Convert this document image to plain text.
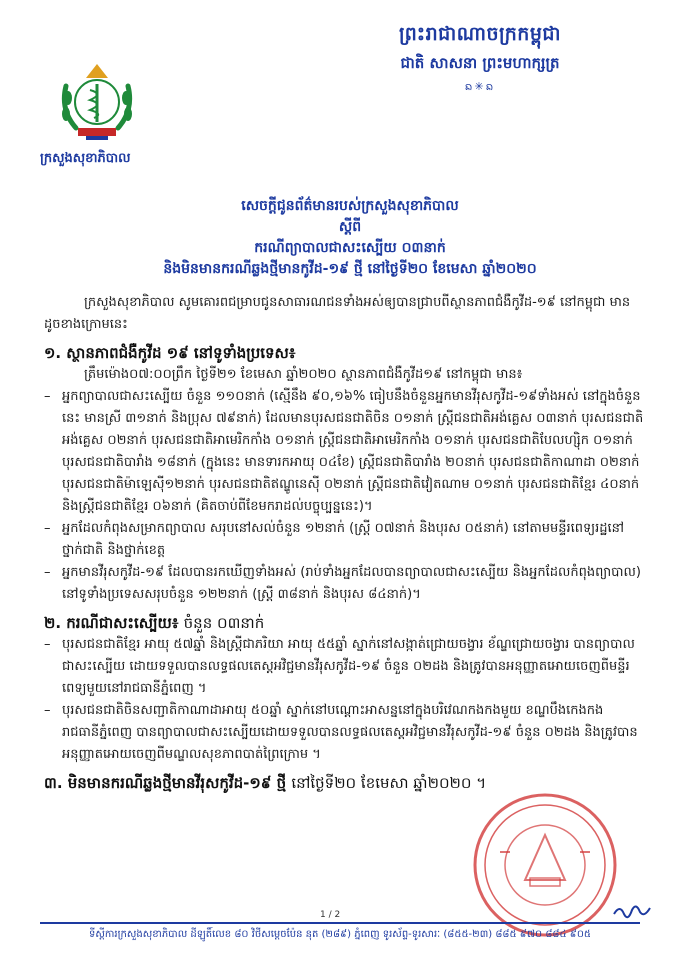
ក្រសួងសុខាភិបាល
ព្រះរាជាណាចក្រកម្ពុជា
ជាតិ សាសនា ព្រះមហាក្សត្រ
ᨦ✳ᨦ
សេចក្តីជូនព័ត៌មានរបស់ក្រសួងសុខាភិបាល
ស្តីពី
ករណីព្យាបាលជាសះស្បើយ ០៣នាក់
និងមិនមានករណីឆ្លងថ្មីមានកូវីដ-១៩ ថ្មី នៅថ្ងៃទី២០ ខែមេសា ឆ្នាំ២០២០

ក្រសួងសុខាភិបាល សូមគោរពជម្រាបជូនសាធារណជនទាំងអស់ឲ្យបានជ្រាបពីស្ថានភាពជំងឺកូវីដ-១៩ នៅកម្ពុជា មានដូចខាងក្រោមនេះ

១. ស្ថានភាពជំងឺកូវីដ ១៩ នៅទូទាំងប្រទេស៖

ត្រឹមម៉ោង០៧:០០ព្រឹក ថ្ងៃទី២១ ខែមេសា ឆ្នាំ២០២០ ស្ថានភាពជំងឺកូវីដ១៩ នៅកម្ពុជា មាន៖

– អ្នកព្យាបាលជាសះស្បើយ ចំនួន ១១០នាក់ (ស្មើនឹង ៩០,១៦% ធៀបនឹងចំនួនអ្នកមានវីរុសកូវីដ-១៩ទាំងអស់ នៅក្នុងចំនួននេះ មានស្រី ៣១នាក់ និងប្រុស ៧៩នាក់) ដែលមានបុរសជនជាតិចិន ០១នាក់ ស្ត្រីជនជាតិអង់គ្លេស ០៣នាក់ បុរសជនជាតិអង់គ្លេស ០២នាក់ បុរសជនជាតិអាមេរិកកាំង ០១នាក់ ស្ត្រីជនជាតិអាមេរិកកាំង ០១នាក់ បុរសជនជាតិបែលហ្ស៊ិក ០១នាក់ បុរសជនជាតិបារាំង ១៨នាក់ (ក្នុងនេះ មានទារកអាយុ ០៤ខែ) ស្ត្រីជនជាតិបារាំង ២០នាក់ បុរសជនជាតិកាណាដា ០២នាក់ បុរសជនជាតិម៉ាឡេស៊ី១២នាក់ បុរសជនជាតិឥណ្ឌូនេស៊ី ០២នាក់ ស្ត្រីជនជាតិវៀតណាម ០១នាក់ បុរសជនជាតិខ្មែរ ៤០នាក់ និងស្ត្រីជនជាតិខ្មែរ ០៦នាក់ (គិតចាប់ពីខែមករាដល់បច្ចុប្បន្ននេះ)។

– អ្នកដែលកំពុងសម្រាកព្យាបាល សរុបនៅសល់ចំនួន ១២នាក់ (ស្ត្រី ០៧នាក់ និងបុរស ០៥នាក់) នៅតាមមន្ទីរពេទ្យរដ្ឋនៅថ្នាក់ជាតិ និងថ្នាក់ខេត្ត

– អ្នកមានវីរុសកូវីដ-១៩ ដែលបានរកឃើញទាំងអស់ (រាប់ទាំងអ្នកដែលបានព្យាបាលជាសះស្បើយ និងអ្នកដែលកំពុងព្យាបាល) នៅទូទាំងប្រទេសសរុបចំនួន ១២២នាក់ (ស្ត្រី ៣៨នាក់ និងបុរស ៨៤នាក់)។

២. ករណីជាសះស្បើយ៖ ចំនួន ០៣នាក់

– បុរសជនជាតិខ្មែរ អាយុ ៥៧ឆ្នាំ និងស្ត្រីជាភរិយា អាយុ ៥៥ឆ្នាំ ស្នាក់នៅសង្កាត់ជ្រោយចង្វារ ខ័ណ្ឌជ្រោយចង្វារ បានព្យាបាលជាសះស្បើយ ដោយទទួលបានលទ្ធផលតេស្តអវិជ្ជមានវីរុសកូវីដ-១៩ ចំនួន ០២ដង និងត្រូវបានអនុញ្ញាតអោយចេញពីមន្ទីរពេទ្យមួយនៅរាជធានីភ្នំពេញ ។

– បុរសជនជាតិចិនសញ្ជាតិកាណាដាអាយុ ៥០ឆ្នាំ ស្នាក់នៅបណ្តោះអាសន្ននៅក្នុងបរិវេណកងកងមួយ ខណ្ឌបឹងកេងកង រាជធានីភ្នំពេញ បានព្យាបាលជាសះស្បើយដោយទទួលបានលទ្ធផលតេស្តអវិជ្ជមានវីរុសកូវីដ-១៩ ចំនួន ០២ដង និងត្រូវបានអនុញ្ញាតអោយចេញពីមណ្ឌលសុខភាពបាត់ព្រៃក្រោម ។

៣. មិនមានករណីឆ្លងថ្មីមានវីរុសកូវីដ-១៩ ថ្មី នៅថ្ងៃទី២០ ខែមេសា ឆ្នាំ២០២០ ។

1 / 2
ទីស្តីការក្រសួងសុខាភិបាល ដីឡូតិ៍លេខ ៨០ វិថីសម្តេចប៉ែន នុត (២៨៩) ភ្នំពេញ ទូរស័ព្ទ-ទូរសារៈ (៨៥៥-២៣) ៨៨៥ ៩៧០ ៨៨៤ ៩០៥
